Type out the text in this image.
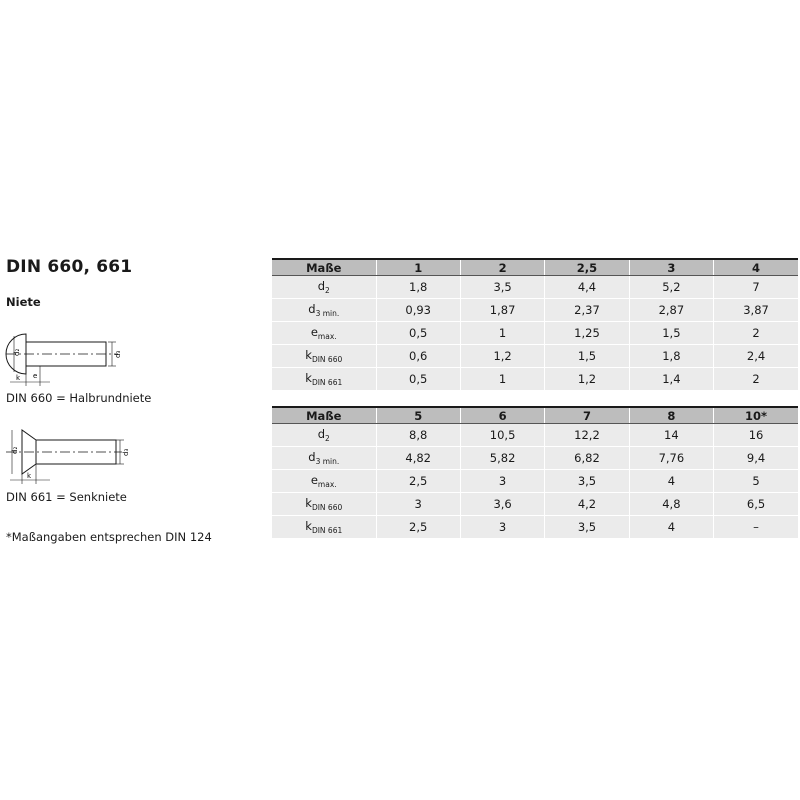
DIN 660, 661
Niete
d₂	d₃
k e
DIN 660 = Halbrundniete
d₂	d₃
k
DIN 661 = Senkniete
*Maßangaben entsprechen DIN 124
Maße	1	2	2,5	3	4
$d_2$	1,8	3,5	4,4	5,2	7
$d_{3 min.}$	0,93	1,87	2,37	2,87	3,87
$e_{max.}$	0,5	1	1,25	1,5	2
$k_{DIN 660}$	0,6	1,2	1,5	1,8	2,4
$k_{DIN 661}$	0,5	1	1,2	1,4	2
Maße	5	6	7	8	10*
$d_2$	8,8	10,5	12,2	14	16
$d_{3 min.}$	4,82	5,82	6,82	7,76	9,4
$e_{max.}$	2,5	3	3,5	4	5
$k_{DIN 660}$	3	3,6	4,2	4,8	6,5
$k_{DIN 661}$	2,5	3	3,5	4	–
